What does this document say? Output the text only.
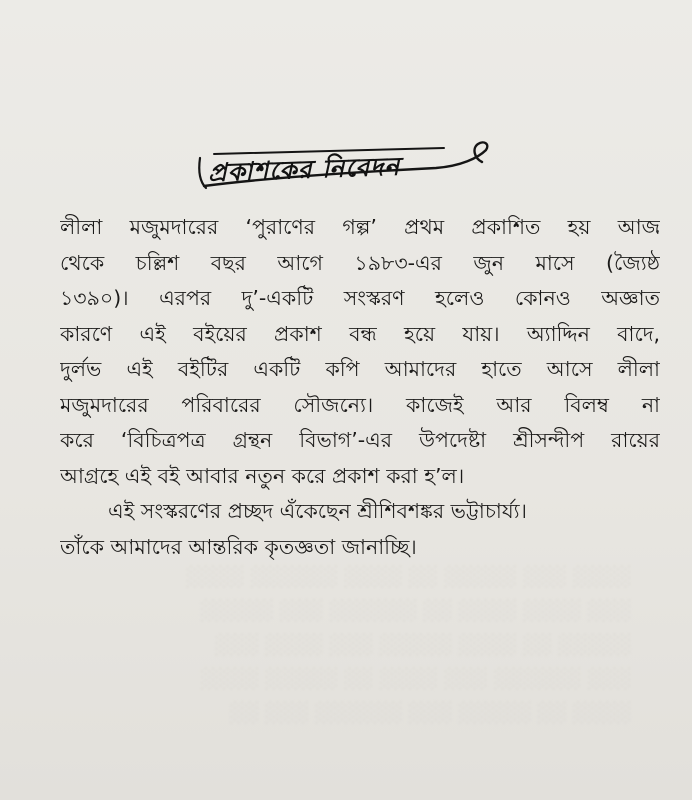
░░░░ ░░░ ░░░░░ ░░ ░░░░ ░░░░░░ ░░░░
░░░ ░░░░ ░░░░ ░░ ░░░░░░ ░░░ ░░░░░
░░░░░ ░░ ░░░░ ░░░░░ ░░░ ░░░░ ░░░
░░░ ░░░░░░ ░░░ ░░░░ ░░ ░░░░░ ░░░░
░░░░ ░░ ░░░░░ ░░░ ░░░░░░ ░░░ ░░
প্রকাশকের নিবেদন
লীলা মজুমদারের ‘পুরাণের গল্প’ প্রথম প্রকাশিত হয় আজ
থেকে চল্লিশ বছর আগে ১৯৮৩-এর জুন মাসে (জ্যৈষ্ঠ
১৩৯০)। এরপর দু’-একটি সংস্করণ হলেও কোনও অজ্ঞাত
কারণে এই বইয়ের প্রকাশ বন্ধ হয়ে যায়। অ্যাদ্দিন বাদে,
দুর্লভ এই বইটির একটি কপি আমাদের হাতে আসে লীলা
মজুমদারের পরিবারের সৌজন্যে। কাজেই আর বিলম্ব না
করে ‘বিচিত্রপত্র গ্রন্থন বিভাগ’-এর উপদেষ্টা শ্রীসন্দীপ রায়ের
আগ্রহে এই বই আবার নতুন করে প্রকাশ করা হ’ল।
এই সংস্করণের প্রচ্ছদ এঁকেছেন শ্রীশিবশঙ্কর ভট্টাচার্য্য।
তাঁকে আমাদের আন্তরিক কৃতজ্ঞতা জানাচ্ছি।
